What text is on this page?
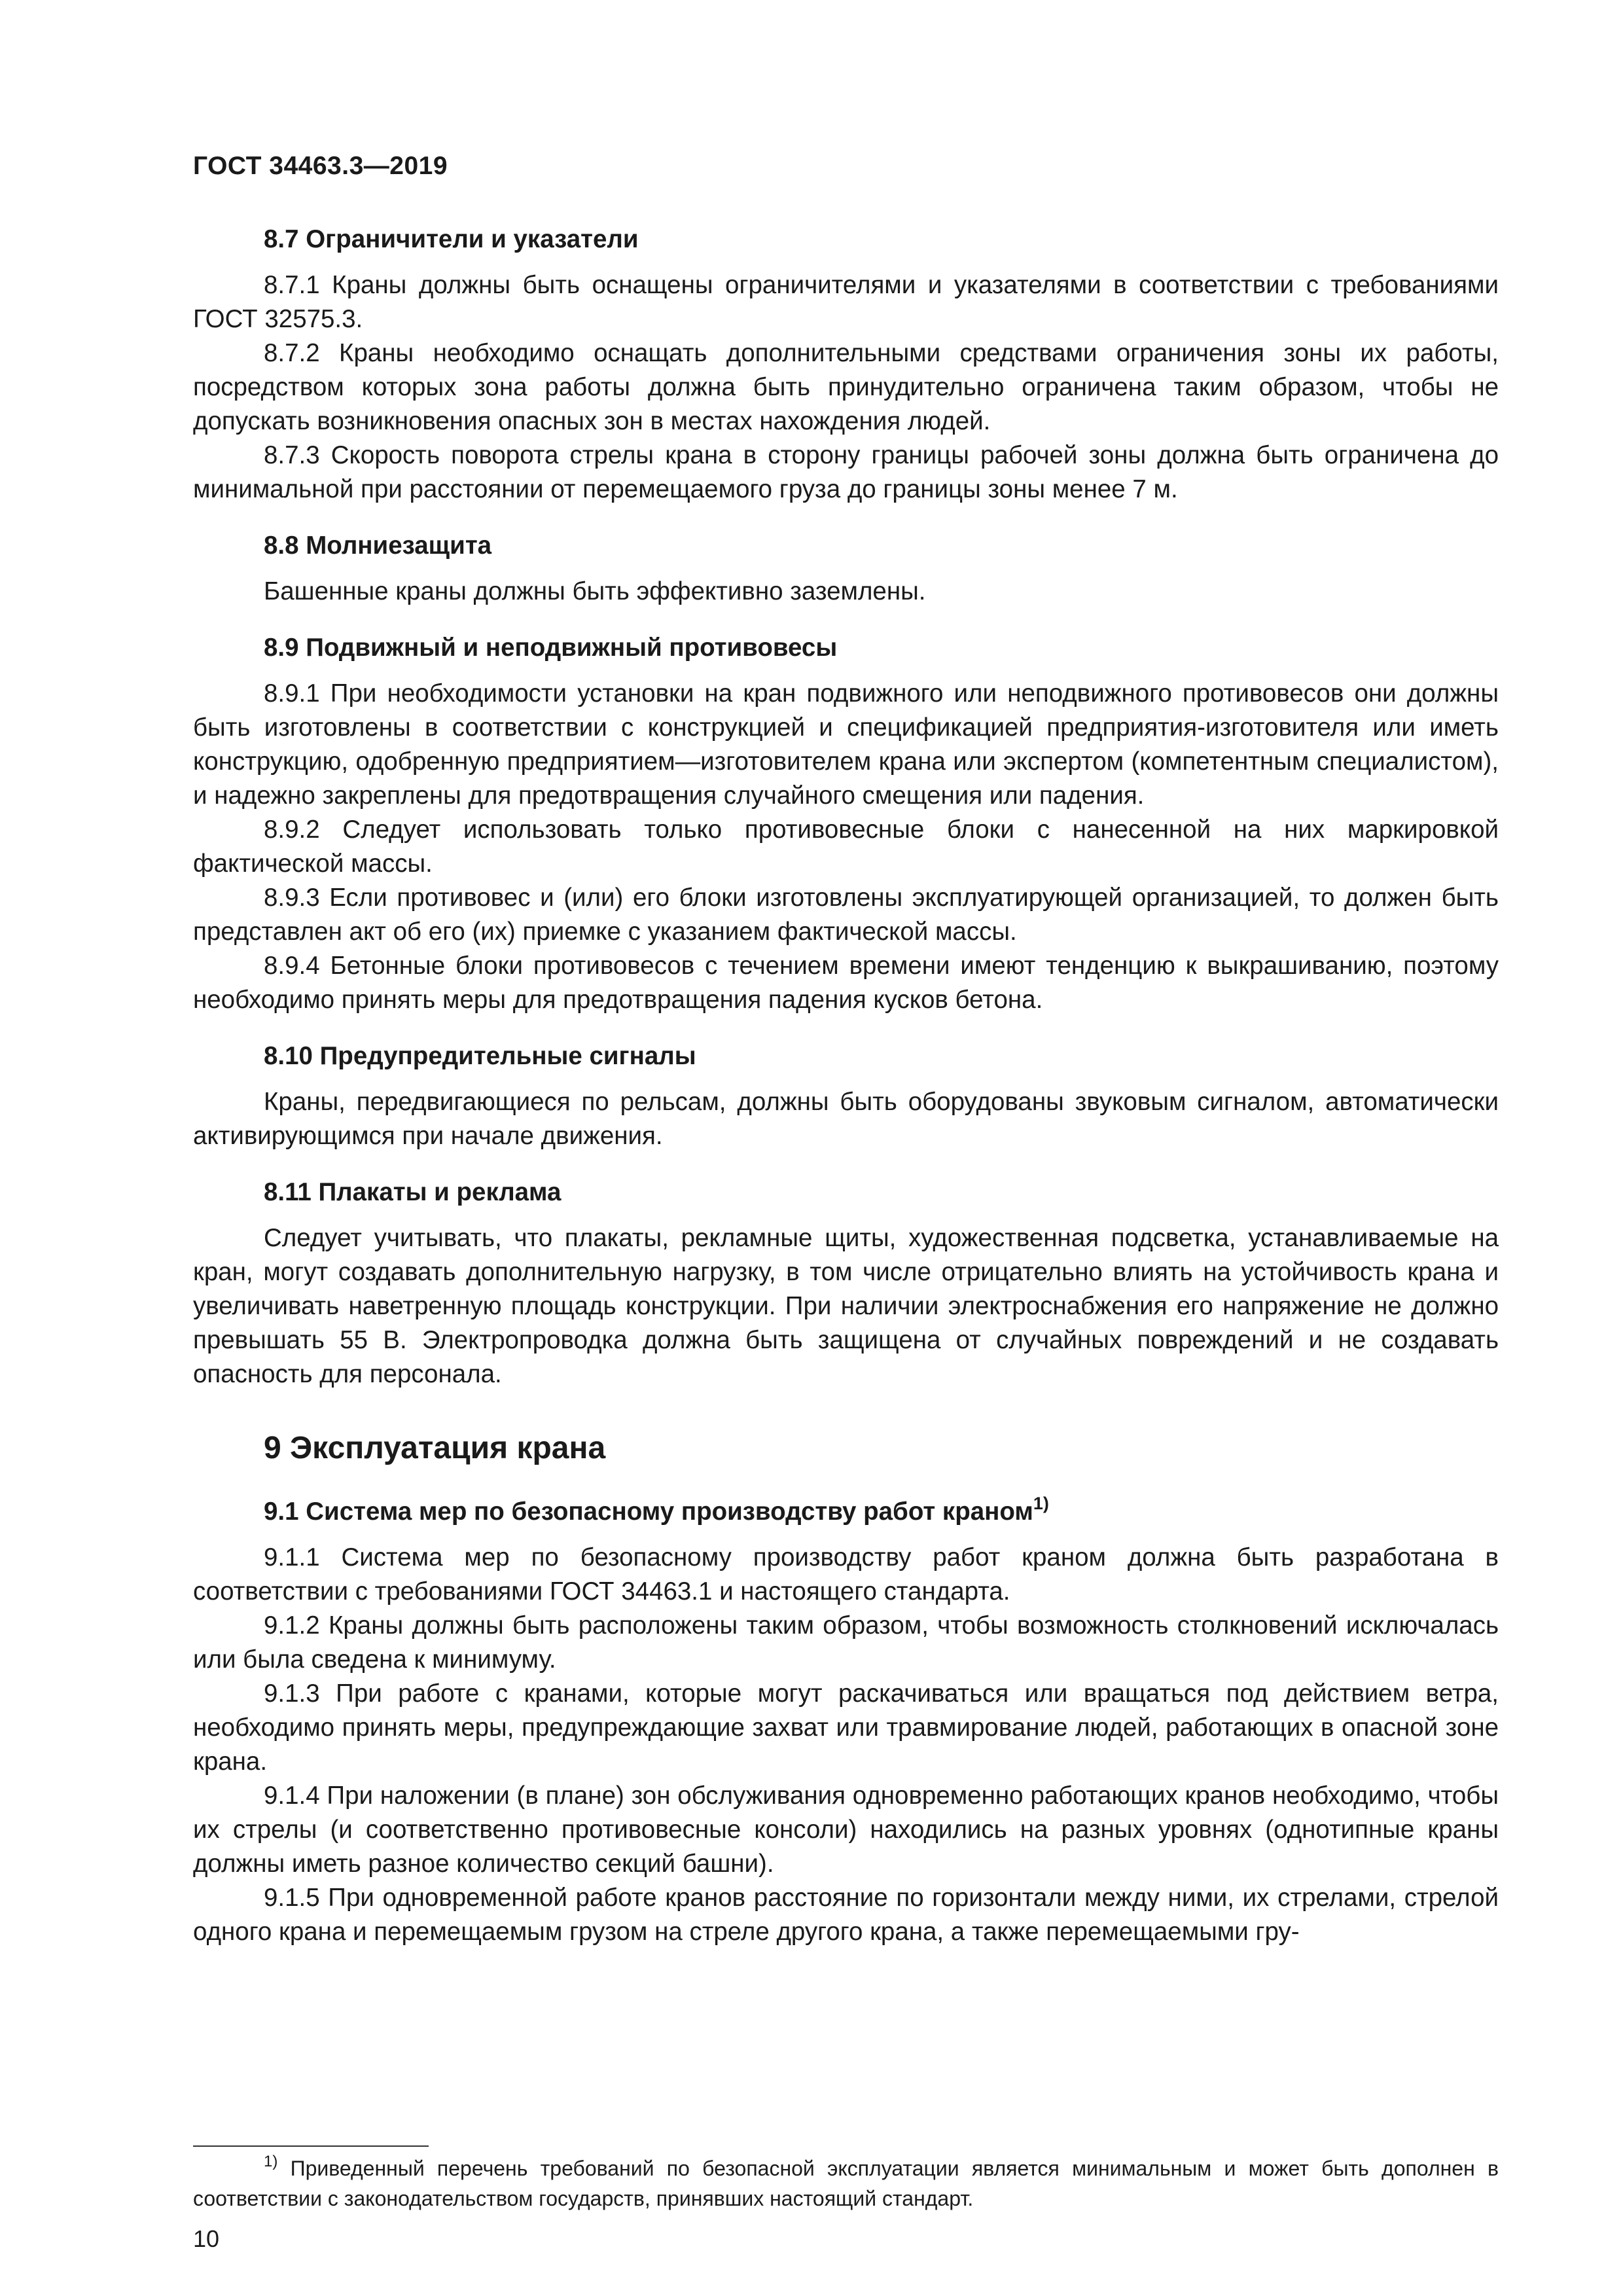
ГОСТ 34463.3—2019
8.7 Ограничители и указатели

8.7.1 Краны должны быть оснащены ограничителями и указателями в соответствии с требованиями ГОСТ 32575.3.

8.7.2 Краны необходимо оснащать дополнительными средствами ограничения зоны их работы, посредством которых зона работы должна быть принудительно ограничена таким образом, чтобы не допускать возникновения опасных зон в местах нахождения людей.

8.7.3 Скорость поворота стрелы крана в сторону границы рабочей зоны должна быть ограничена до минимальной при расстоянии от перемещаемого груза до границы зоны менее 7 м.

8.8 Молниезащита

Башенные краны должны быть эффективно заземлены.

8.9 Подвижный и неподвижный противовесы

8.9.1 При необходимости установки на кран подвижного или неподвижного противовесов они должны быть изготовлены в соответствии с конструкцией и спецификацией предприятия-изготовителя или иметь конструкцию, одобренную предприятием—изготовителем крана или экспертом (компетентным специалистом), и надежно закреплены для предотвращения случайного смещения или падения.

8.9.2 Следует использовать только противовесные блоки с нанесенной на них маркировкой фактической массы.

8.9.3 Если противовес и (или) его блоки изготовлены эксплуатирующей организацией, то должен быть представлен акт об его (их) приемке с указанием фактической массы.

8.9.4 Бетонные блоки противовесов с течением времени имеют тенденцию к выкрашиванию, поэтому необходимо принять меры для предотвращения падения кусков бетона.

8.10 Предупредительные сигналы

Краны, передвигающиеся по рельсам, должны быть оборудованы звуковым сигналом, автоматически активирующимся при начале движения.

8.11 Плакаты и реклама

Следует учитывать, что плакаты, рекламные щиты, художественная подсветка, устанавливаемые на кран, могут создавать дополнительную нагрузку, в том числе отрицательно влиять на устойчивость крана и увеличивать наветренную площадь конструкции. При наличии электроснабжения его напряжение не должно превышать 55 В. Электропроводка должна быть защищена от случайных повреждений и не создавать опасность для персонала.

9 Эксплуатация крана
9.1 Система мер по безопасному производству работ краном$^{1)}$

9.1.1 Система мер по безопасному производству работ краном должна быть разработана в соответствии с требованиями ГОСТ 34463.1 и настоящего стандарта.

9.1.2 Краны должны быть расположены таким образом, чтобы возможность столкновений исключалась или была сведена к минимуму.

9.1.3 При работе с кранами, которые могут раскачиваться или вращаться под действием ветра, необходимо принять меры, предупреждающие захват или травмирование людей, работающих в опасной зоне крана.

9.1.4 При наложении (в плане) зон обслуживания одновременно работающих кранов необходимо, чтобы их стрелы (и соответственно противовесные консоли) находились на разных уровнях (однотипные краны должны иметь разное количество секций башни).

9.1.5 При одновременной работе кранов расстояние по горизонтали между ними, их стрелами, стрелой одного крана и перемещаемым грузом на стреле другого крана, а также перемещаемыми гру-

$^{1)}$ Приведенный перечень требований по безопасной эксплуатации является минимальным и может быть дополнен в соответствии с законодательством государств, принявших настоящий стандарт.
10
